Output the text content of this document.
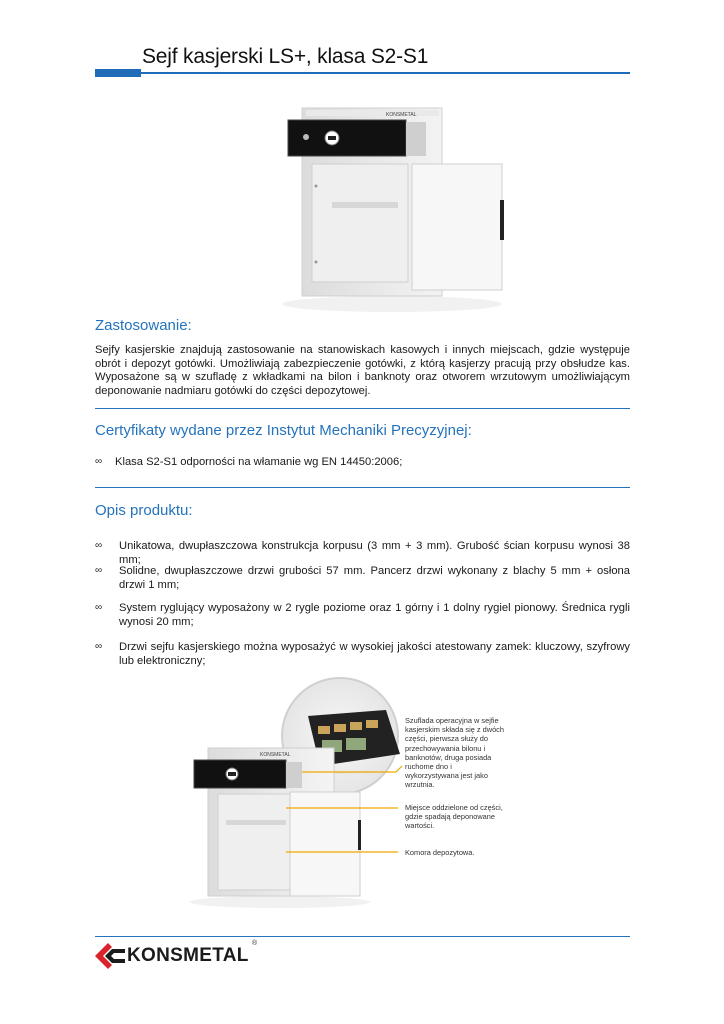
Sejf kasjerski LS+, klasa S2-S1
KONSMETAL
Zastosowanie:
Sejfy kasjerskie znajdują zastosowanie na stanowiskach kasowych i innych miejscach, gdzie występuje obrót i depozyt gotówki. Umożliwiają zabezpieczenie gotówki, z którą kasjerzy pracują przy obsłudze kas. Wyposażone są w szufladę z wkładkami na bilon i banknoty oraz otworem wrzutowym umożliwiającym deponowanie nadmiaru gotówki do części depozytowej.
Certyfikaty wydane przez Instytut Mechaniki Precyzyjnej:
∞ Klasa S2-S1 odporności na włamanie wg EN 14450:2006;
Opis produktu:
∞ Unikatowa, dwupłaszczowa konstrukcja korpusu (3 mm + 3 mm). Grubość ścian korpusu wynosi 38 mm;
∞ Solidne, dwupłaszczowe drzwi grubości 57 mm. Pancerz drzwi wykonany z blachy 5 mm + osłona drzwi 1 mm;
∞ System ryglujący wyposażony w 2 rygle poziome oraz 1 górny i 1 dolny rygiel pionowy. Średnica rygli wynosi 20 mm;
∞ Drzwi sejfu kasjerskiego można wyposażyć w wysokiej jakości atestowany zamek: kluczowy, szyfrowy lub elektroniczny;
KONSMETAL
Szuflada operacyjna w sejfie kasjerskim składa się z dwóch części, pierwsza służy do przechowywania bilonu i banknotów, druga posiada ruchome dno i wykorzystywana jest jako wrzutnia.
Miejsce oddzielone od części, gdzie spadają deponowane wartości.
Komora depozytowa.
KONSMETAL
®
